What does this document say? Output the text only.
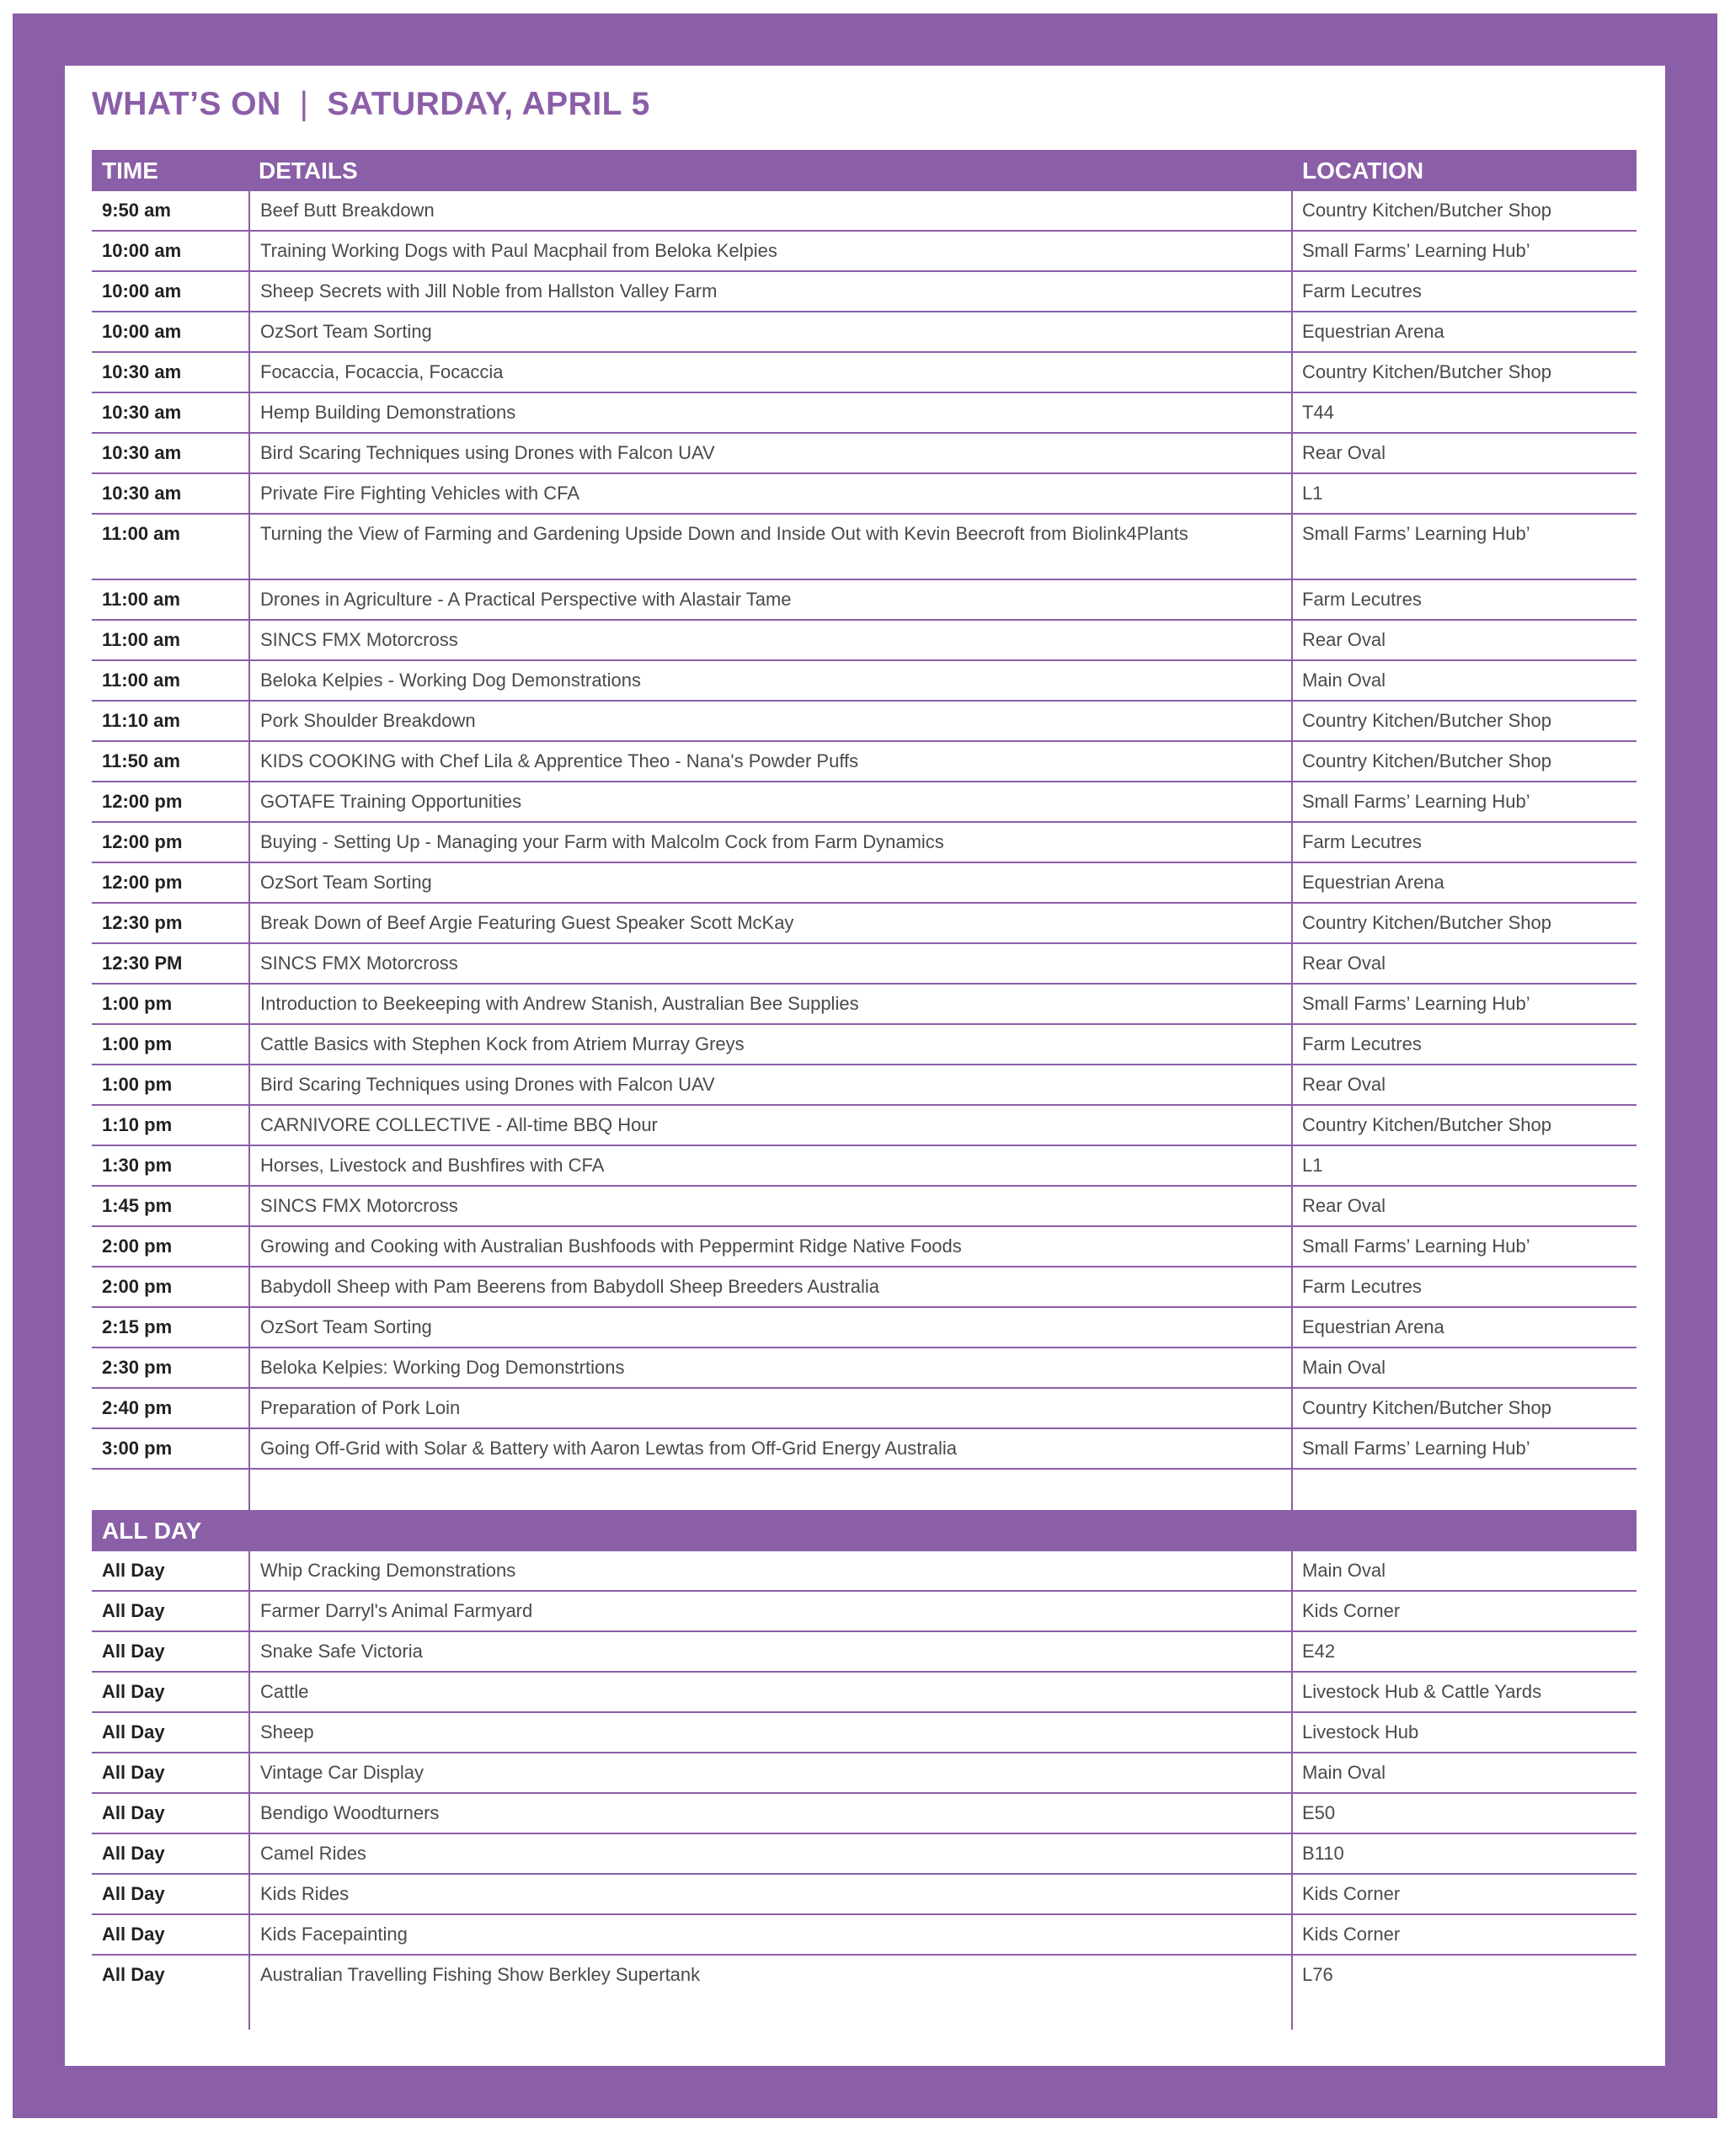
WHAT’S ON | SATURDAY, APRIL 5
TIME	DETAILS	LOCATION
9:50 am	Beef Butt Breakdown	Country Kitchen/Butcher Shop
10:00 am	Training Working Dogs with Paul Macphail from Beloka Kelpies	Small Farms’ Learning Hub’
10:00 am	Sheep Secrets with Jill Noble from Hallston Valley Farm	Farm Lecutres
10:00 am	OzSort Team Sorting	Equestrian Arena
10:30 am	Focaccia, Focaccia, Focaccia	Country Kitchen/Butcher Shop
10:30 am	Hemp Building Demonstrations	T44
10:30 am	Bird Scaring Techniques using Drones with Falcon UAV	Rear Oval
10:30 am	Private Fire Fighting Vehicles with CFA	L1
11:00 am	Turning the View of Farming and Gardening Upside Down and Inside Out with Kevin Beecroft from Biolink4Plants	Small Farms’ Learning Hub’
11:00 am	Drones in Agriculture - A Practical Perspective with Alastair Tame	Farm Lecutres
11:00 am	SINCS FMX Motorcross	Rear Oval
11:00 am	Beloka Kelpies - Working Dog Demonstrations	Main Oval
11:10 am	Pork Shoulder Breakdown	Country Kitchen/Butcher Shop
11:50 am	KIDS COOKING with Chef Lila & Apprentice Theo - Nana's Powder Puffs	Country Kitchen/Butcher Shop
12:00 pm	GOTAFE Training Opportunities	Small Farms’ Learning Hub’
12:00 pm	Buying - Setting Up - Managing your Farm with Malcolm Cock from Farm Dynamics	Farm Lecutres
12:00 pm	OzSort Team Sorting	Equestrian Arena
12:30 pm	Break Down of Beef Argie Featuring Guest Speaker Scott McKay	Country Kitchen/Butcher Shop
12:30 PM	SINCS FMX Motorcross	Rear Oval
1:00 pm	Introduction to Beekeeping with Andrew Stanish, Australian Bee Supplies	Small Farms’ Learning Hub’
1:00 pm	Cattle Basics with Stephen Kock from Atriem Murray Greys	Farm Lecutres
1:00 pm	Bird Scaring Techniques using Drones with Falcon UAV	Rear Oval
1:10 pm	CARNIVORE COLLECTIVE - All-time BBQ Hour	Country Kitchen/Butcher Shop
1:30 pm	Horses, Livestock and Bushfires with CFA	L1
1:45 pm	SINCS FMX Motorcross	Rear Oval
2:00 pm	Growing and Cooking with Australian Bushfoods with Peppermint Ridge Native Foods	Small Farms’ Learning Hub’
2:00 pm	Babydoll Sheep with Pam Beerens from Babydoll Sheep Breeders Australia	Farm Lecutres
2:15 pm	OzSort Team Sorting	Equestrian Arena
2:30 pm	Beloka Kelpies: Working Dog Demonstrtions	Main Oval
2:40 pm	Preparation of Pork Loin	Country Kitchen/Butcher Shop
3:00 pm	Going Off-Grid with Solar & Battery with Aaron Lewtas from Off-Grid Energy Australia	Small Farms’ Learning Hub’
ALL DAY
All Day	Whip Cracking Demonstrations	Main Oval
All Day	Farmer Darryl's Animal Farmyard	Kids Corner
All Day	Snake Safe Victoria	E42
All Day	Cattle	Livestock Hub & Cattle Yards
All Day	Sheep	Livestock Hub
All Day	Vintage Car Display	Main Oval
All Day	Bendigo Woodturners	E50
All Day	Camel Rides	B110
All Day	Kids Rides	Kids Corner
All Day	Kids Facepainting	Kids Corner
All Day	Australian Travelling Fishing Show Berkley Supertank	L76
